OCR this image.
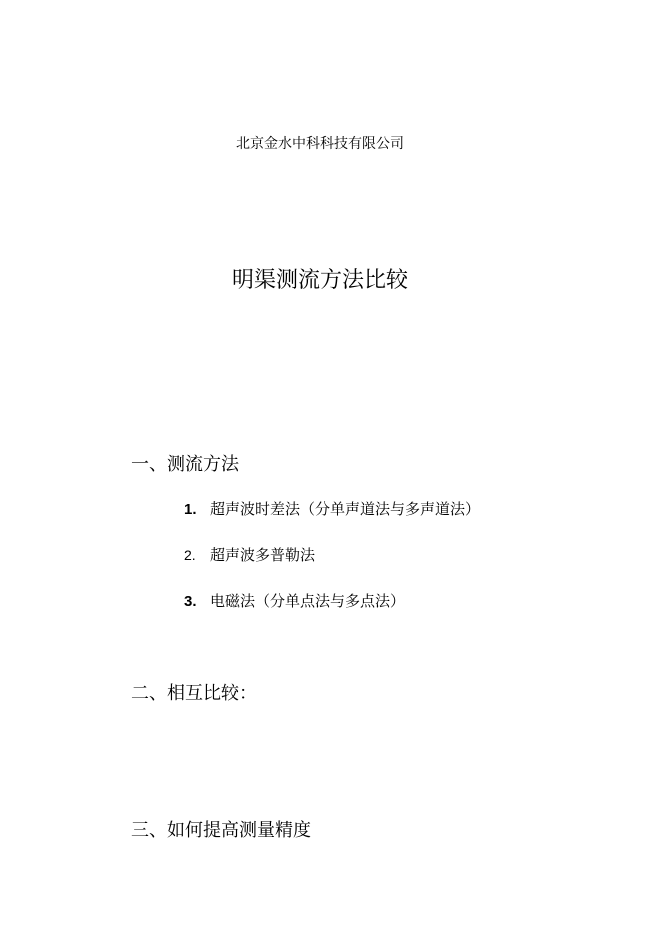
北京金水中科科技有限公司
明渠测流方法比较
一、测流方法
1. 超声波时差法（分单声道法与多声道法）
2. 超声波多普勒法
3. 电磁法（分单点法与多点法）
二、相互比较：
三、如何提高测量精度
